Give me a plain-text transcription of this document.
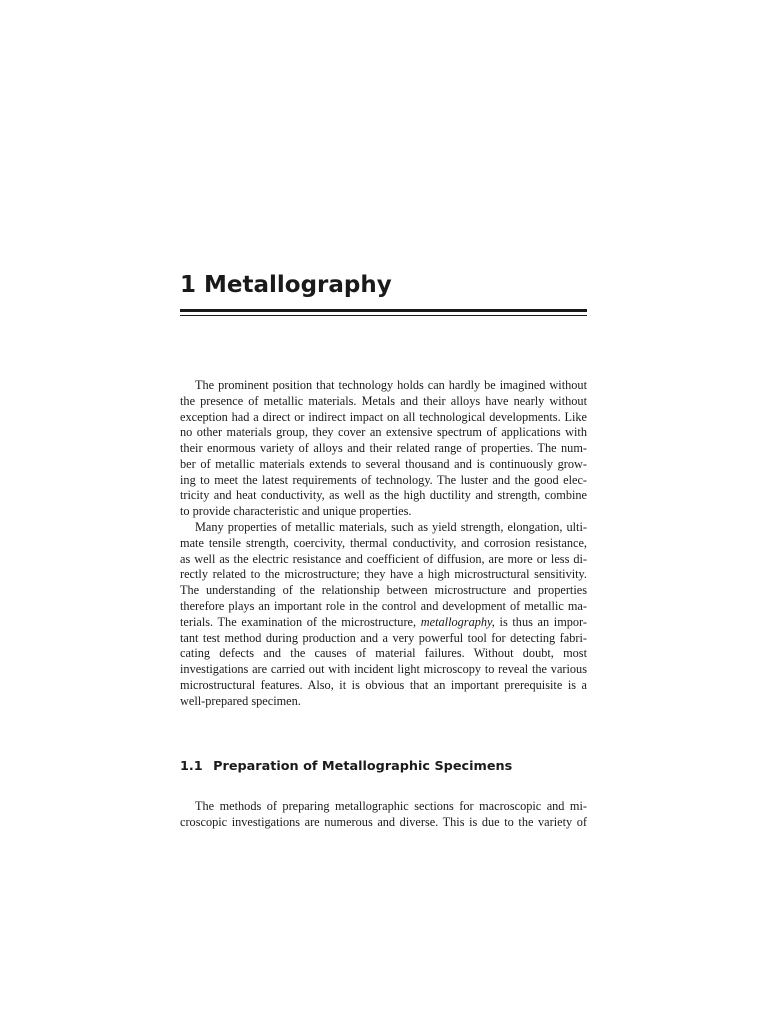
1 Metallography
The prominent position that technology holds can hardly be imagined without
the presence of metallic materials. Metals and their alloys have nearly without
exception had a direct or indirect impact on all technological developments. Like
no other materials group, they cover an extensive spectrum of applications with
their enormous variety of alloys and their related range of properties. The num-
ber of metallic materials extends to several thousand and is continuously grow-
ing to meet the latest requirements of technology. The luster and the good elec-
tricity and heat conductivity, as well as the high ductility and strength, combine
to provide characteristic and unique properties.
Many properties of metallic materials, such as yield strength, elongation, ulti-
mate tensile strength, coercivity, thermal conductivity, and corrosion resistance,
as well as the electric resistance and coefficient of diffusion, are more or less di-
rectly related to the microstructure; they have a high microstructural sensitivity.
The understanding of the relationship between microstructure and properties
therefore plays an important role in the control and development of metallic ma-
terials. The examination of the microstructure, metallography, is thus an impor-
tant test method during production and a very powerful tool for detecting fabri-
cating defects and the causes of material failures. Without doubt, most
investigations are carried out with incident light microscopy to reveal the various
microstructural features. Also, it is obvious that an important prerequisite is a
well-prepared specimen.
1.1 Preparation of Metallographic Specimens
The methods of preparing metallographic sections for macroscopic and mi-
croscopic investigations are numerous and diverse. This is due to the variety of
